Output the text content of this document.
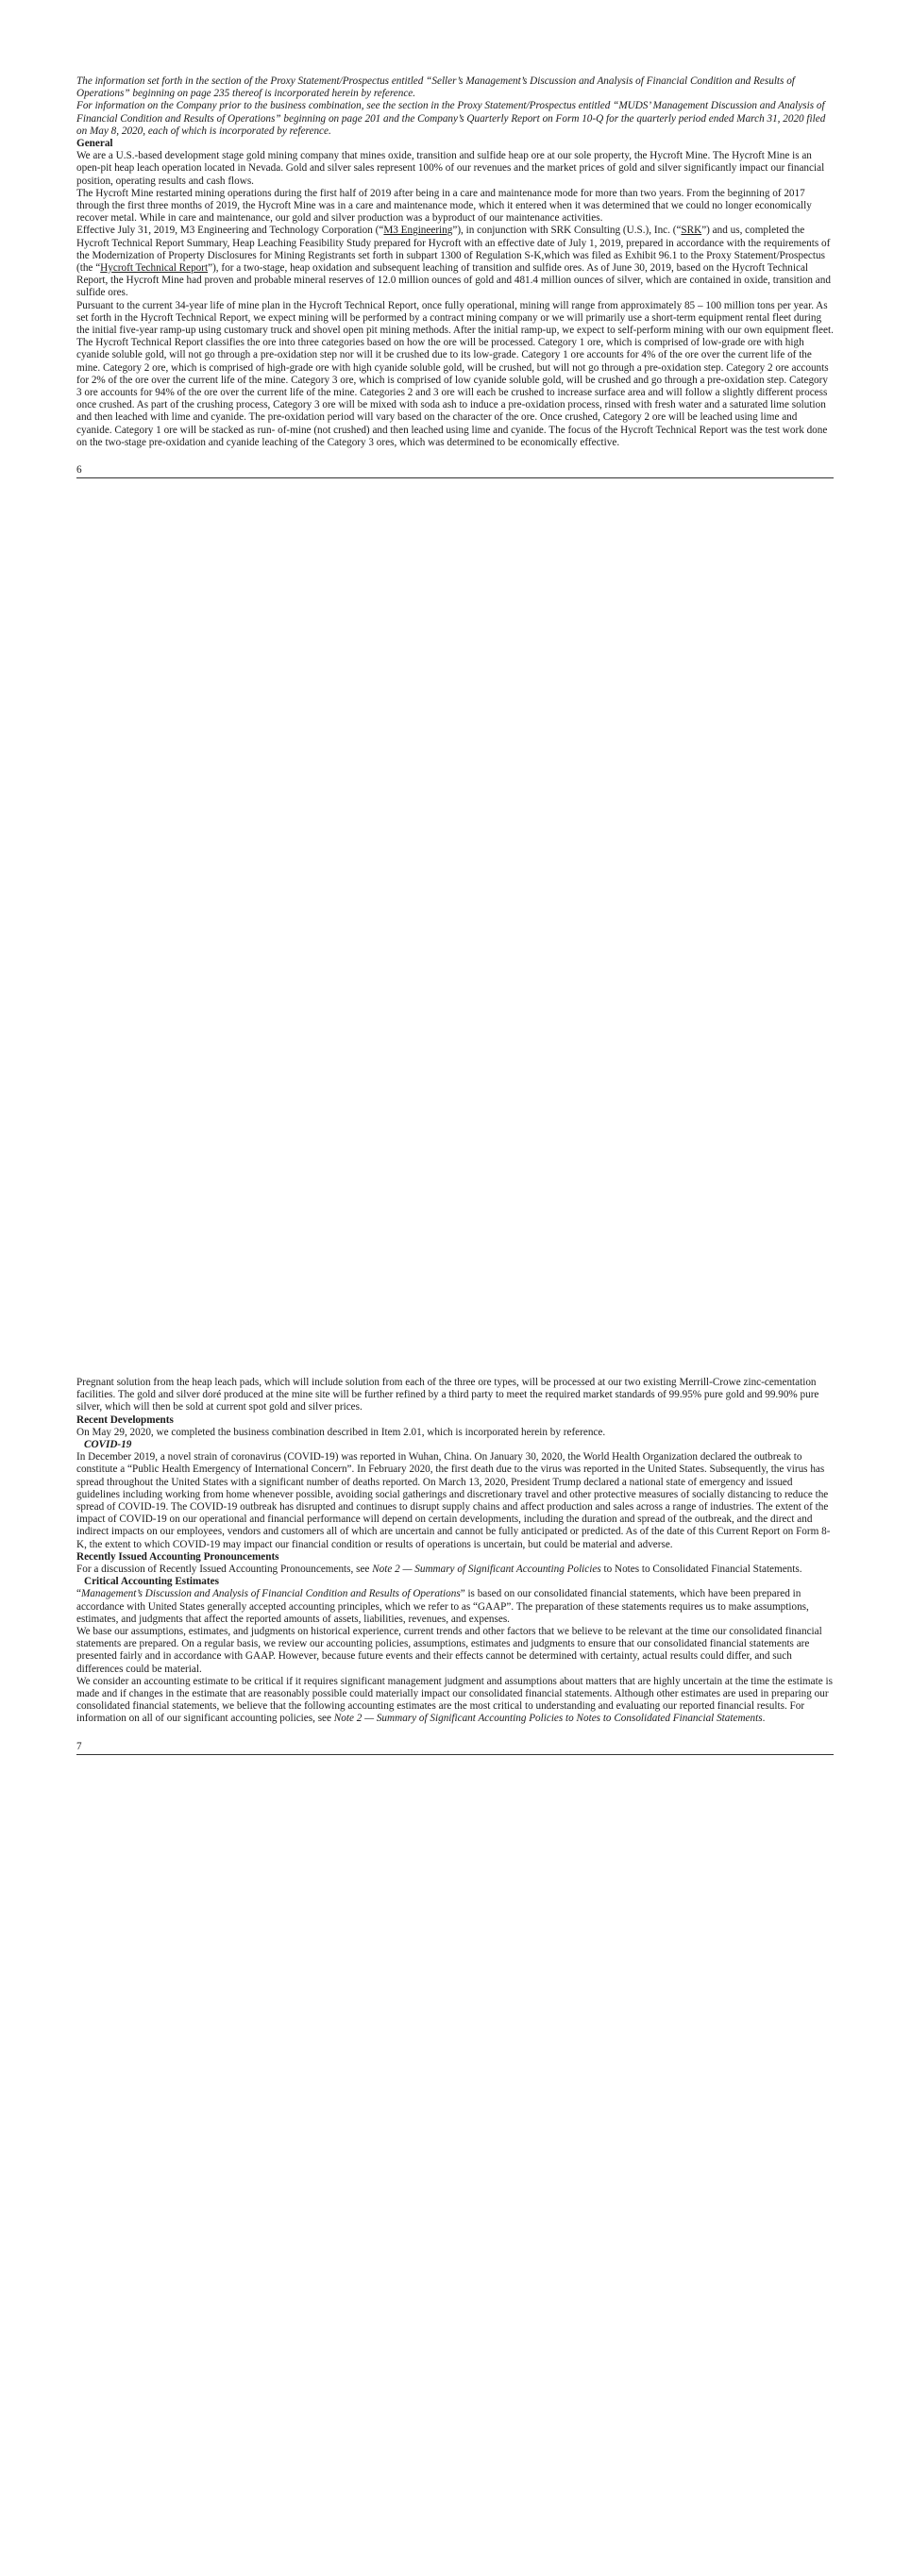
The information set forth in the section of the Proxy Statement/Prospectus entitled “Seller’s Management’s Discussion and Analysis of Financial Condition and Results of Operations” beginning on page 235 thereof is incorporated herein by reference.

For information on the Company prior to the business combination, see the section in the Proxy Statement/Prospectus entitled “MUDS’ Management Discussion and Analysis of Financial Condition and Results of Operations” beginning on page 201 and the Company’s Quarterly Report on Form 10-Q for the quarterly period ended March 31, 2020 filed on May 8, 2020, each of which is incorporated by reference.

General

We are a U.S.-based development stage gold mining company that mines oxide, transition and sulfide heap ore at our sole property, the Hycroft Mine. The Hycroft Mine is an open-pit heap leach operation located in Nevada. Gold and silver sales represent 100% of our revenues and the market prices of gold and silver significantly impact our financial position, operating results and cash flows.

The Hycroft Mine restarted mining operations during the first half of 2019 after being in a care and maintenance mode for more than two years. From the beginning of 2017 through the first three months of 2019, the Hycroft Mine was in a care and maintenance mode, which it entered when it was determined that we could no longer economically recover metal. While in care and maintenance, our gold and silver production was a byproduct of our maintenance activities.

Effective July 31, 2019, M3 Engineering and Technology Corporation (“M3 Engineering”), in conjunction with SRK Consulting (U.S.), Inc. (“SRK”) and us, completed the Hycroft Technical Report Summary, Heap Leaching Feasibility Study prepared for Hycroft with an effective date of July 1, 2019, prepared in accordance with the requirements of the Modernization of Property Disclosures for Mining Registrants set forth in subpart 1300 of Regulation S-K,which was filed as Exhibit 96.1 to the Proxy Statement/Prospectus (the “Hycroft Technical Report”), for a two-stage, heap oxidation and subsequent leaching of transition and sulfide ores. As of June 30, 2019, based on the Hycroft Technical Report, the Hycroft Mine had proven and probable mineral reserves of 12.0 million ounces of gold and 481.4 million ounces of silver, which are contained in oxide, transition and sulfide ores.

Pursuant to the current 34-year life of mine plan in the Hycroft Technical Report, once fully operational, mining will range from approximately 85 – 100 million tons per year. As set forth in the Hycroft Technical Report, we expect mining will be performed by a contract mining company or we will primarily use a short-term equipment rental fleet during the initial five-year ramp-up using customary truck and shovel open pit mining methods. After the initial ramp-up, we expect to self-perform mining with our own equipment fleet.

The Hycroft Technical Report classifies the ore into three categories based on how the ore will be processed. Category 1 ore, which is comprised of low-grade ore with high cyanide soluble gold, will not go through a pre-oxidation step nor will it be crushed due to its low-grade. Category 1 ore accounts for 4% of the ore over the current life of the mine. Category 2 ore, which is comprised of high-grade ore with high cyanide soluble gold, will be crushed, but will not go through a pre-oxidation step. Category 2 ore accounts for 2% of the ore over the current life of the mine. Category 3 ore, which is comprised of low cyanide soluble gold, will be crushed and go through a pre-oxidation step. Category 3 ore accounts for 94% of the ore over the current life of the mine. Categories 2 and 3 ore will each be crushed to increase surface area and will follow a slightly different process once crushed. As part of the crushing process, Category 3 ore will be mixed with soda ash to induce a pre-oxidation process, rinsed with fresh water and a saturated lime solution and then leached with lime and cyanide. The pre-oxidation period will vary based on the character of the ore. Once crushed, Category 2 ore will be leached using lime and cyanide. Category 1 ore will be stacked as run- of-mine (not crushed) and then leached using lime and cyanide. The focus of the Hycroft Technical Report was the test work done on the two-stage pre-oxidation and cyanide leaching of the Category 3 ores, which was determined to be economically effective.

6

Pregnant solution from the heap leach pads, which will include solution from each of the three ore types, will be processed at our two existing Merrill-Crowe zinc-cementation facilities. The gold and silver doré produced at the mine site will be further refined by a third party to meet the required market standards of 99.95% pure gold and 99.90% pure silver, which will then be sold at current spot gold and silver prices.

Recent Developments

On May 29, 2020, we completed the business combination described in Item 2.01, which is incorporated herein by reference.

COVID-19

In December 2019, a novel strain of coronavirus (COVID-19) was reported in Wuhan, China. On January 30, 2020, the World Health Organization declared the outbreak to constitute a “Public Health Emergency of International Concern”. In February 2020, the first death due to the virus was reported in the United States. Subsequently, the virus has spread throughout the United States with a significant number of deaths reported. On March 13, 2020, President Trump declared a national state of emergency and issued guidelines including working from home whenever possible, avoiding social gatherings and discretionary travel and other protective measures of socially distancing to reduce the spread of COVID-19. The COVID-19 outbreak has disrupted and continues to disrupt supply chains and affect production and sales across a range of industries. The extent of the impact of COVID-19 on our operational and financial performance will depend on certain developments, including the duration and spread of the outbreak, and the direct and indirect impacts on our employees, vendors and customers all of which are uncertain and cannot be fully anticipated or predicted. As of the date of this Current Report on Form 8-K, the extent to which COVID-19 may impact our financial condition or results of operations is uncertain, but could be material and adverse.

Recently Issued Accounting Pronouncements

For a discussion of Recently Issued Accounting Pronouncements, see Note 2 — Summary of Significant Accounting Policies to Notes to Consolidated Financial Statements.

Critical Accounting Estimates

“Management’s Discussion and Analysis of Financial Condition and Results of Operations” is based on our consolidated financial statements, which have been prepared in accordance with United States generally accepted accounting principles, which we refer to as “GAAP”. The preparation of these statements requires us to make assumptions, estimates, and judgments that affect the reported amounts of assets, liabilities, revenues, and expenses.

We base our assumptions, estimates, and judgments on historical experience, current trends and other factors that we believe to be relevant at the time our consolidated financial statements are prepared. On a regular basis, we review our accounting policies, assumptions, estimates and judgments to ensure that our consolidated financial statements are presented fairly and in accordance with GAAP. However, because future events and their effects cannot be determined with certainty, actual results could differ, and such differences could be material.

We consider an accounting estimate to be critical if it requires significant management judgment and assumptions about matters that are highly uncertain at the time the estimate is made and if changes in the estimate that are reasonably possible could materially impact our consolidated financial statements. Although other estimates are used in preparing our consolidated financial statements, we believe that the following accounting estimates are the most critical to understanding and evaluating our reported financial results. For information on all of our significant accounting policies, see Note 2 — Summary of Significant Accounting Policies to Notes to Consolidated Financial Statements.

7
